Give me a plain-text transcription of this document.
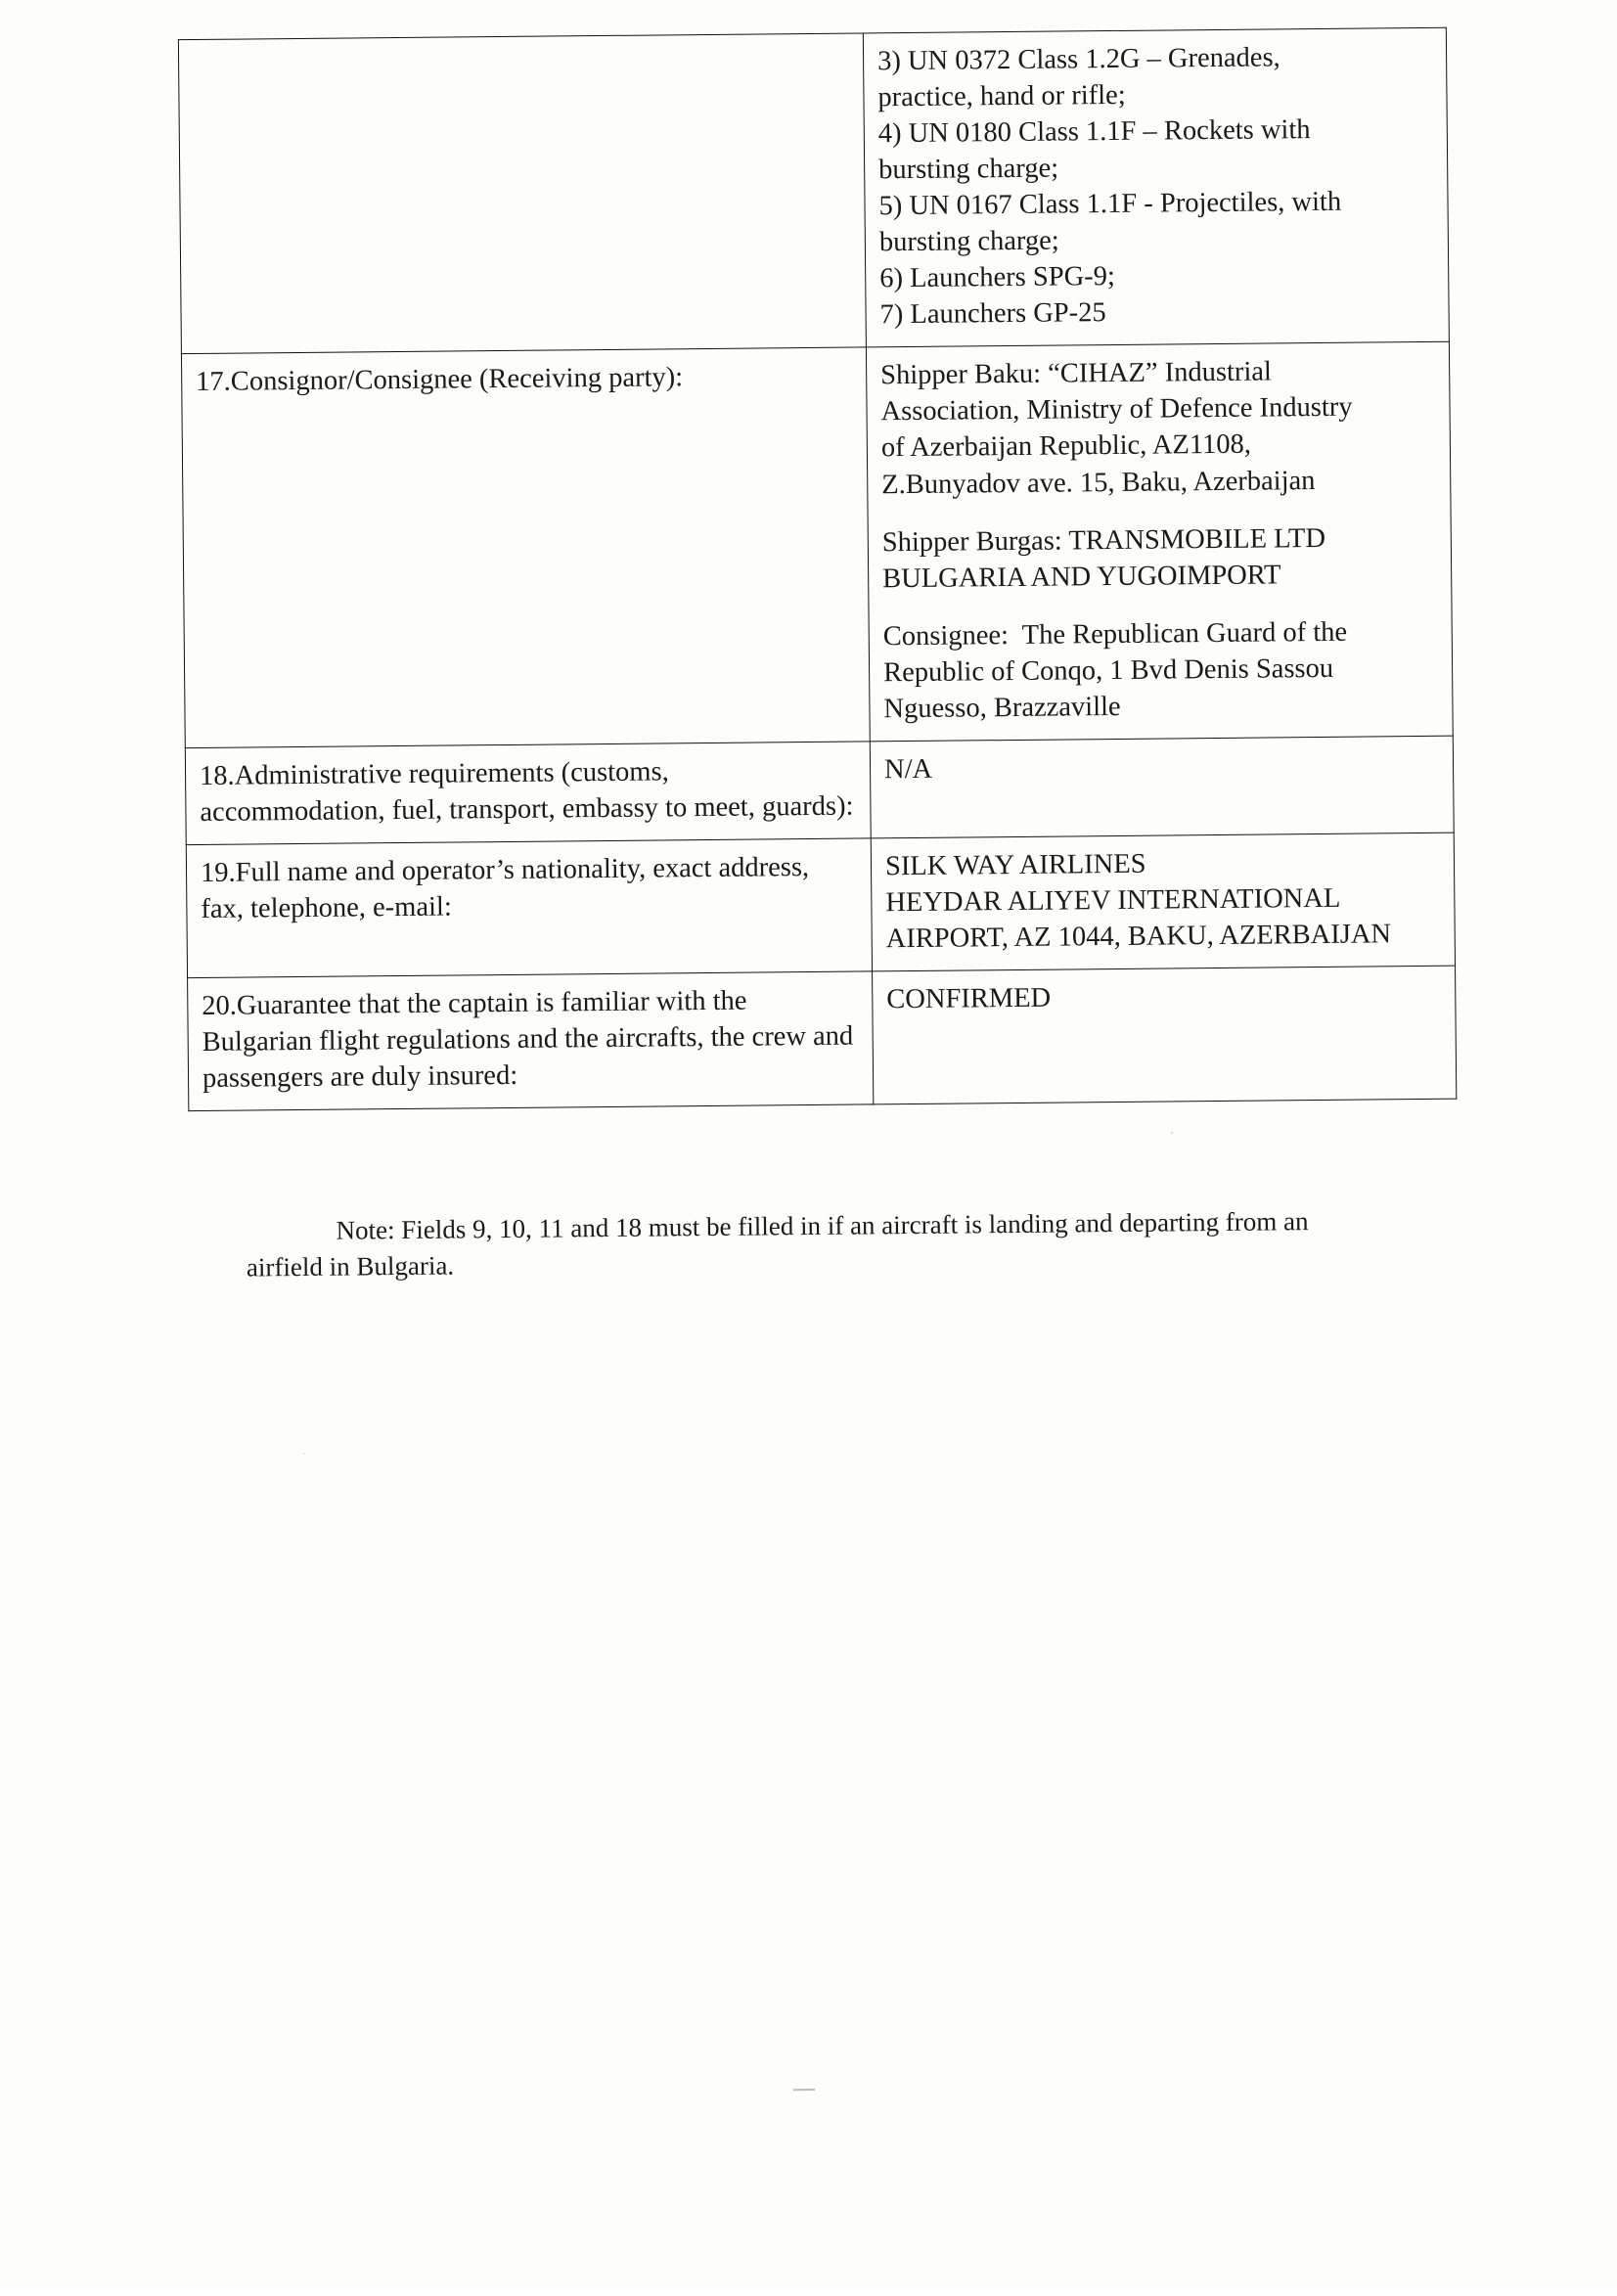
3) UN 0372 Class 1.2G – Grenades,
practice, hand or rifle;
4) UN 0180 Class 1.1F – Rockets with
bursting charge;
5) UN 0167 Class 1.1F - Projectiles, with
bursting charge;
6) Launchers SPG-9;
7) Launchers GP-25

17.Consignor/Consignee (Receiving party):	Shipper Baku: “CIHAZ” Industrial
Association, Ministry of Defence Industry
of Azerbaijan Republic, AZ1108,
Z.Bunyadov ave. 15, Baku, Azerbaijan
Shipper Burgas: TRANSMOBILE LTD
BULGARIA AND YUGOIMPORT
Consignee:  The Republican Guard of the
Republic of Conqo, 1 Bvd Denis Sassou
Nguesso, Brazzaville

18.Administrative requirements (customs, accommodation, fuel, transport, embassy to meet, guards):	N/A

19.Full name and operator’s nationality, exact address, fax, telephone, e-mail:	SILK WAY AIRLINES
HEYDAR ALIYEV INTERNATIONAL
AIRPORT, AZ 1044, BAKU, AZERBAIJAN

20.Guarantee that the captain is familiar with the Bulgarian flight regulations and the aircrafts, the crew and passengers are duly insured:	CONFIRMED
Note: Fields 9, 10, 11 and 18 must be filled in if an aircraft is landing and departing from an
airfield in Bulgaria.
